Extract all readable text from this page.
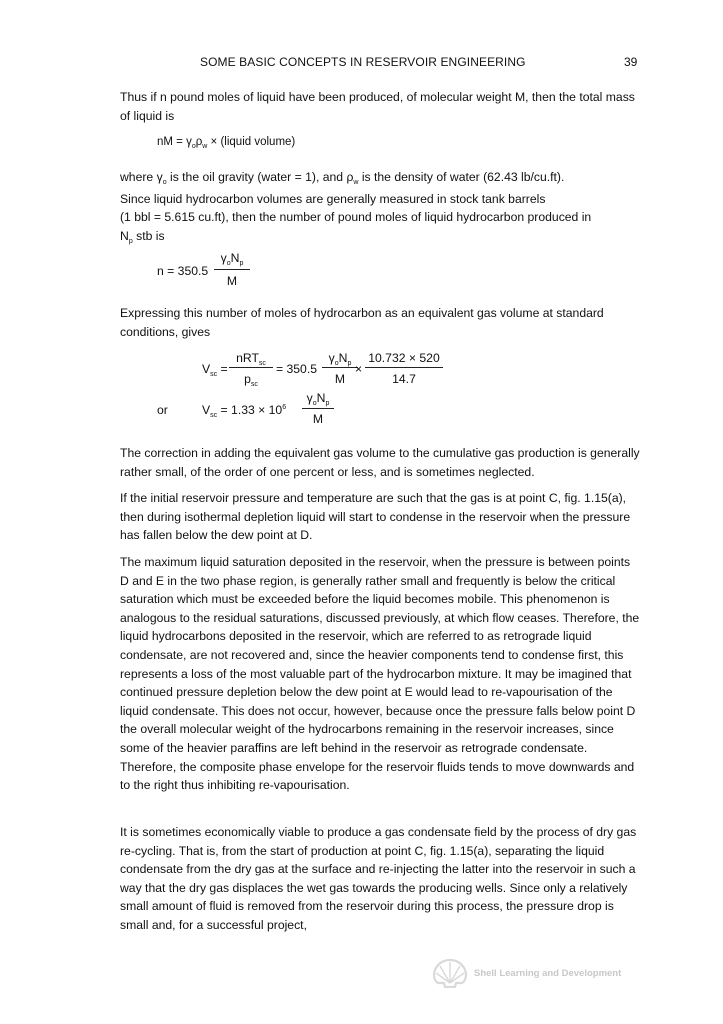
SOME BASIC CONCEPTS IN RESERVOIR ENGINEERING	39

Thus if n pound moles of liquid have been produced, of molecular weight M, then the total mass of liquid is

nM = $\gamma_o\rho_w$ × (liquid volume)
where $\gamma_o$ is the oil gravity (water = 1), and $\rho_w$ is the density of water (62.43 lb/cu.ft).
Since liquid hydrocarbon volumes are generally measured in stock tank barrels
(1 bbl = 5.615 cu.ft), then the number of pound moles of liquid hydrocarbon produced in
$N_p$ stb is
n = 350.5
$\gamma_oN_p$
M

Expressing this number of moles of hydrocarbon as an equivalent gas volume at standard conditions, gives

$V_{sc}$ =
nRT$_{sc}$
$p_{sc}$
= 350.5
$\gamma_oN_p$
M
×
10.732 × 520
14.7
or	$V_{sc} = 1.33 \times 10^6$
$\gamma_oN_p$
M

The correction in adding the equivalent gas volume to the cumulative gas production is generally rather small, of the order of one percent or less, and is sometimes neglected.

If the initial reservoir pressure and temperature are such that the gas is at point C, fig. 1.15(a), then during isothermal depletion liquid will start to condense in the reservoir when the pressure has fallen below the dew point at D.

The maximum liquid saturation deposited in the reservoir, when the pressure is between points D and E in the two phase region, is generally rather small and frequently is below the critical saturation which must be exceeded before the liquid becomes mobile. This phenomenon is analogous to the residual saturations, discussed previously, at which flow ceases. Therefore, the liquid hydrocarbons deposited in the reservoir, which are referred to as retrograde liquid condensate, are not recovered and, since the heavier components tend to condense first, this represents a loss of the most valuable part of the hydrocarbon mixture. It may be imagined that continued pressure depletion below the dew point at E would lead to re-vapourisation of the liquid condensate. This does not occur, however, because once the pressure falls below point D the overall molecular weight of the hydrocarbons remaining in the reservoir increases, since some of the heavier paraffins are left behind in the reservoir as retrograde condensate. Therefore, the composite phase envelope for the reservoir fluids tends to move downwards and to the right thus inhibiting re-vapourisation.

It is sometimes economically viable to produce a gas condensate field by the process of dry gas re-cycling. That is, from the start of production at point C, fig. 1.15(a), separating the liquid condensate from the dry gas at the surface and re-injecting the latter into the reservoir in such a way that the dry gas displaces the wet gas towards the producing wells. Since only a relatively small amount of fluid is removed from the reservoir during this process, the pressure drop is small and, for a successful project,

Shell Learning and Development
